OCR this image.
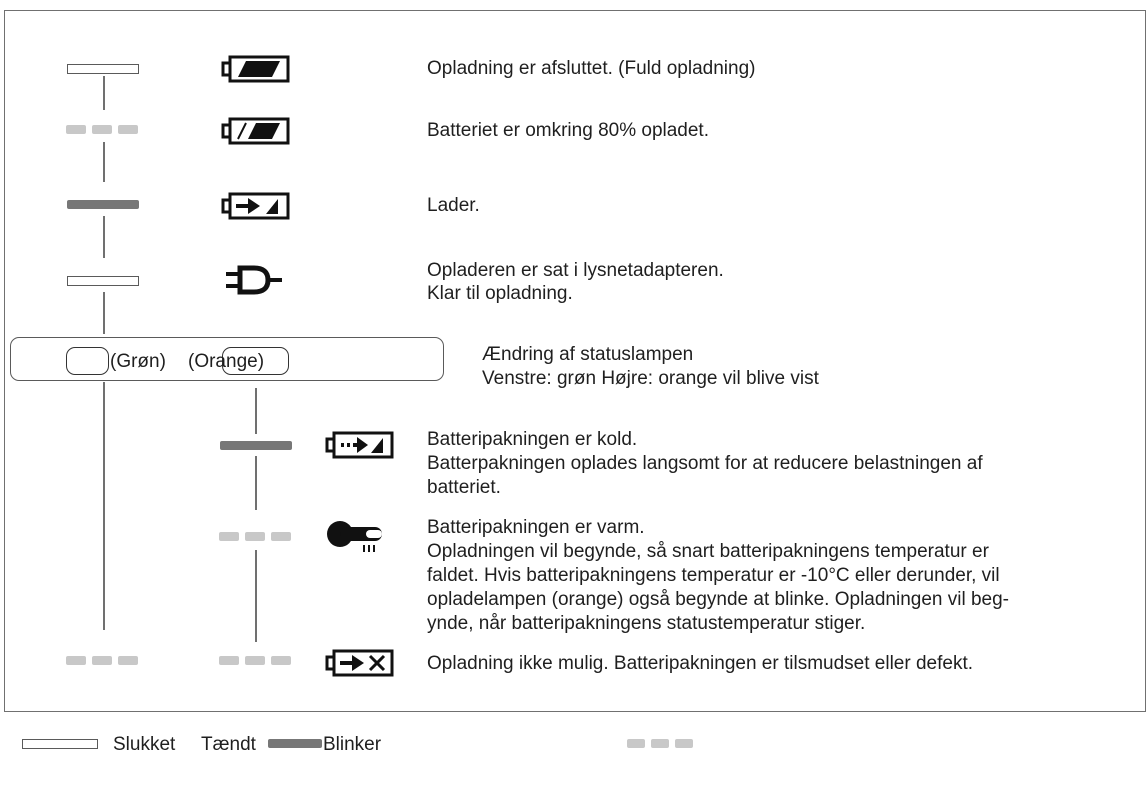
Opladning er afsluttet. (Fuld opladning)
Batteriet er omkring 80% opladet.
Lader.
Opladeren er sat i lysnetadapteren.
Klar til opladning.
(Grøn) (Orange)	Ændring af statuslampen
Venstre: grøn Højre: orange vil blive vist
Batteripakningen er kold.
Batterpakningen oplades langsomt for at reducere belastningen af
batteriet.
Batteripakningen er varm.
Opladningen vil begynde, så snart batteripakningens temperatur er
faldet. Hvis batteripakningens temperatur er -10°C eller derunder, vil
opladelampen (orange) også begynde at blinke. Opladningen vil beg-
ynde, når batteripakningens statustemperatur stiger.
Opladning ikke mulig. Batteripakningen er tilsmudset eller defekt.
Slukket Tændt	Blinker
